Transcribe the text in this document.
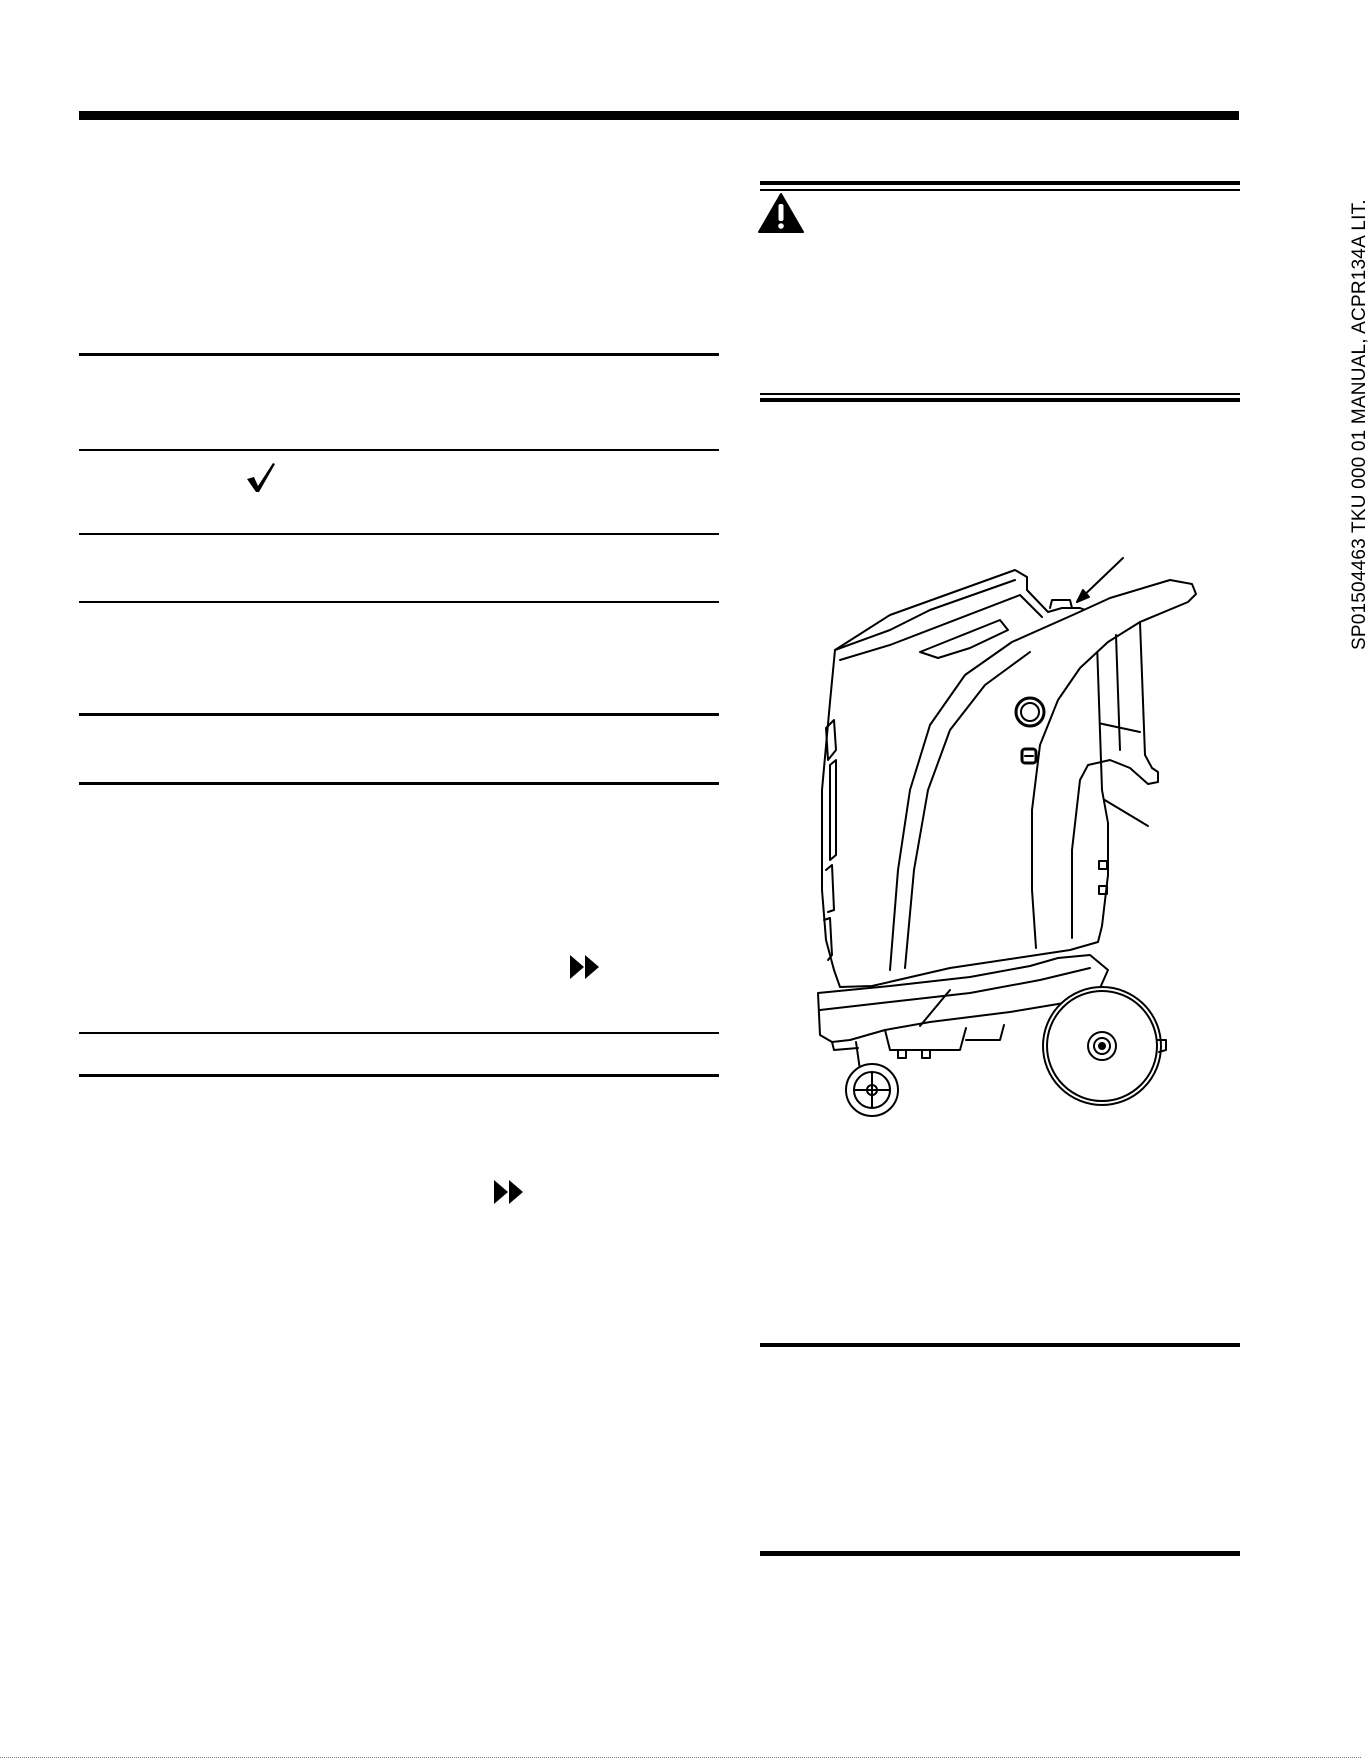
SP01504463 TKU 000 01 MANUAL, ACPR134A LIT.
